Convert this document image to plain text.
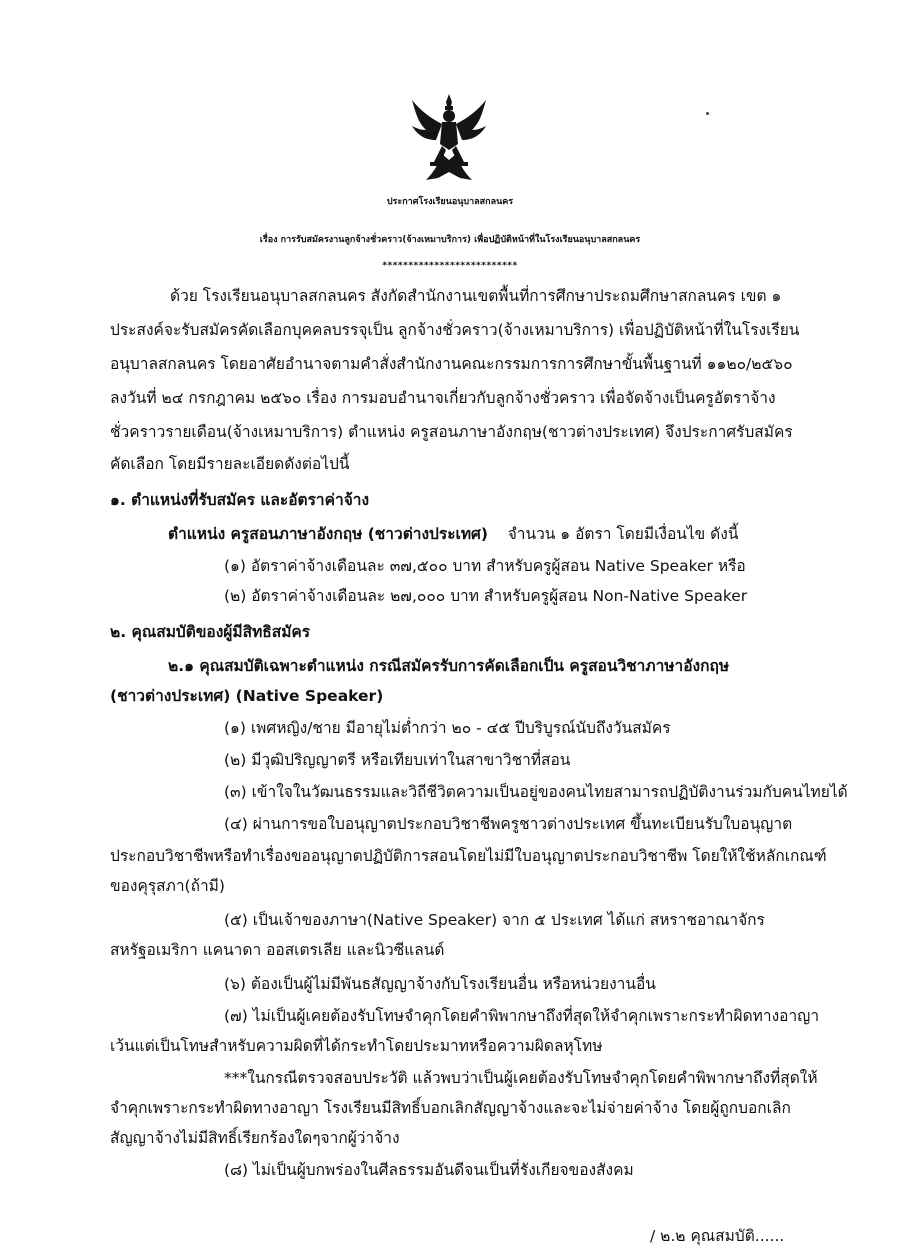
ประกาศโรงเรียนอนุบาลสกลนคร
เรื่อง การรับสมัครงานลูกจ้างชั่วคราว(จ้างเหมาบริการ) เพื่อปฏิบัติหน้าที่ในโรงเรียนอนุบาลสกลนคร
**************************
ด้วย โรงเรียนอนุบาลสกลนคร สังกัดสำนักงานเขตพื้นที่การศึกษาประถมศึกษาสกลนคร เขต ๑
ประสงค์จะรับสมัครคัดเลือกบุคคลบรรจุเป็น ลูกจ้างชั่วคราว(จ้างเหมาบริการ) เพื่อปฏิบัติหน้าที่ในโรงเรียน
อนุบาลสกลนคร โดยอาศัยอำนาจตามคำสั่งสำนักงานคณะกรรมการการศึกษาขั้นพื้นฐานที่ ๑๑๒๐/๒๕๖๐
ลงวันที่ ๒๔ กรกฎาคม ๒๕๖๐ เรื่อง การมอบอำนาจเกี่ยวกับลูกจ้างชั่วคราว เพื่อจัดจ้างเป็นครูอัตราจ้าง
ชั่วคราวรายเดือน(จ้างเหมาบริการ) ตำแหน่ง ครูสอนภาษาอังกฤษ(ชาวต่างประเทศ) จึงประกาศรับสมัคร
คัดเลือก โดยมีรายละเอียดดังต่อไปนี้
๑. ตำแหน่งที่รับสมัคร และอัตราค่าจ้าง
ตำแหน่ง ครูสอนภาษาอังกฤษ (ชาวต่างประเทศ) จำนวน ๑ อัตรา โดยมีเงื่อนไข ดังนี้
(๑) อัตราค่าจ้างเดือนละ ๓๗,๕๐๐ บาท สำหรับครูผู้สอน Native Speaker หรือ
(๒) อัตราค่าจ้างเดือนละ ๒๗,๐๐๐ บาท สำหรับครูผู้สอน Non-Native Speaker
๒. คุณสมบัติของผู้มีสิทธิสมัคร
๒.๑ คุณสมบัติเฉพาะตำแหน่ง กรณีสมัครรับการคัดเลือกเป็น ครูสอนวิชาภาษาอังกฤษ
(ชาวต่างประเทศ) (Native Speaker)
(๑) เพศหญิง/ชาย มีอายุไม่ต่ำกว่า ๒๐ - ๔๕ ปีบริบูรณ์นับถึงวันสมัคร
(๒) มีวุฒิปริญญาตรี หรือเทียบเท่าในสาขาวิชาที่สอน
(๓) เข้าใจในวัฒนธรรมและวิถีชีวิตความเป็นอยู่ของคนไทยสามารถปฏิบัติงานร่วมกับคนไทยได้
(๔) ผ่านการขอใบอนุญาตประกอบวิชาชีพครูชาวต่างประเทศ ขึ้นทะเบียนรับใบอนุญาต
ประกอบวิชาชีพหรือทำเรื่องขออนุญาตปฏิบัติการสอนโดยไม่มีใบอนุญาตประกอบวิชาชีพ โดยให้ใช้หลักเกณฑ์
ของคุรุสภา(ถ้ามี)
(๕) เป็นเจ้าของภาษา(Native Speaker) จาก ๕ ประเทศ ได้แก่ สหราชอาณาจักร
สหรัฐอเมริกา แคนาดา ออสเตรเลีย และนิวซีแลนด์
(๖) ต้องเป็นผู้ไม่มีพันธสัญญาจ้างกับโรงเรียนอื่น หรือหน่วยงานอื่น
(๗) ไม่เป็นผู้เคยต้องรับโทษจำคุกโดยคำพิพากษาถึงที่สุดให้จำคุกเพราะกระทำผิดทางอาญา
เว้นแต่เป็นโทษสำหรับความผิดที่ได้กระทำโดยประมาทหรือความผิดลหุโทษ
***ในกรณีตรวจสอบประวัติ แล้วพบว่าเป็นผู้เคยต้องรับโทษจำคุกโดยคำพิพากษาถึงที่สุดให้
จำคุกเพราะกระทำผิดทางอาญา โรงเรียนมีสิทธิ์บอกเลิกสัญญาจ้างและจะไม่จ่ายค่าจ้าง โดยผู้ถูกบอกเลิก
สัญญาจ้างไม่มีสิทธิ์เรียกร้องใดๆจากผู้ว่าจ้าง
(๘) ไม่เป็นผู้บกพร่องในศีลธรรมอันดีจนเป็นที่รังเกียจของสังคม
/ ๒.๒ คุณสมบัติ......
